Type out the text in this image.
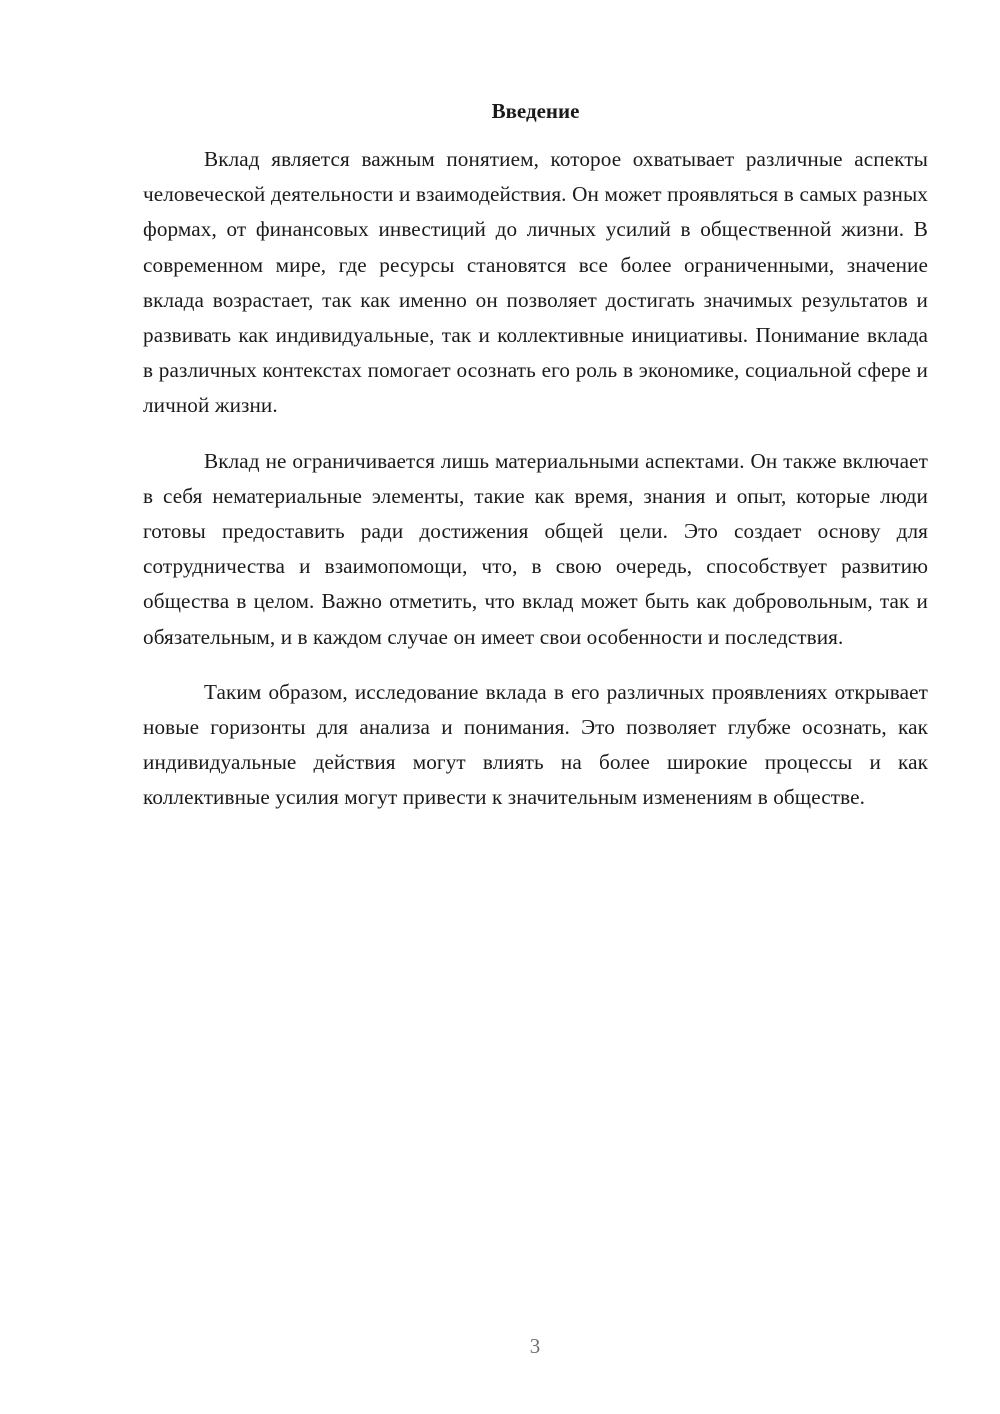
Введение

Вклад является важным понятием, которое охватывает различные аспекты человеческой деятельности и взаимодействия. Он может проявляться в самых разных формах, от финансовых инвестиций до личных усилий в общественной жизни. В современном мире, где ресурсы становятся все более ограниченными, значение вклада возрастает, так как именно он позволяет достигать значимых результатов и развивать как индивидуальные, так и коллективные инициативы. Понимание вклада в различных контекстах помогает осознать его роль в экономике, социальной сфере и личной жизни.

Вклад не ограничивается лишь материальными аспектами. Он также включает в себя нематериальные элементы, такие как время, знания и опыт, которые люди готовы предоставить ради достижения общей цели. Это создает основу для сотрудничества и взаимопомощи, что, в свою очередь, способствует развитию общества в целом. Важно отметить, что вклад может быть как добровольным, так и обязательным, и в каждом случае он имеет свои особенности и последствия.

Таким образом, исследование вклада в его различных проявлениях открывает новые горизонты для анализа и понимания. Это позволяет глубже осознать, как индивидуальные действия могут влиять на более широкие процессы и как коллективные усилия могут привести к значительным изменениям в обществе.

3
